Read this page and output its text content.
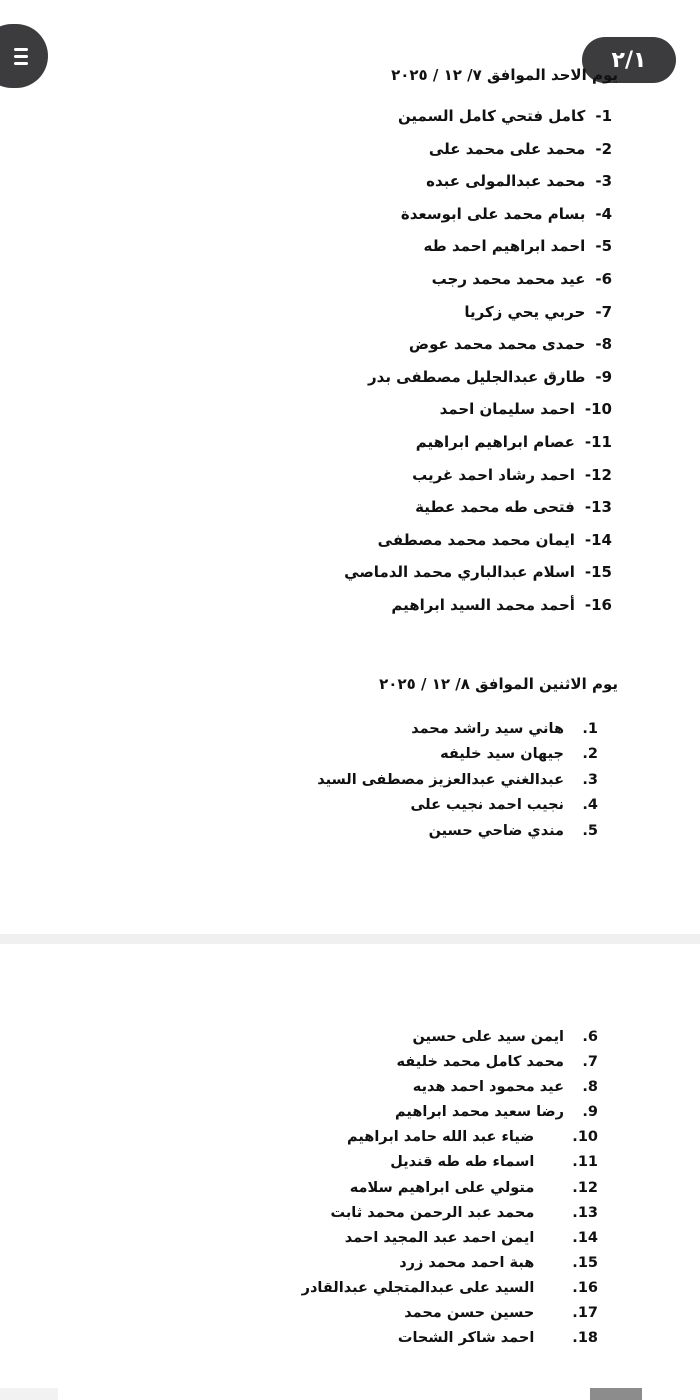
٢/١
يوم الاحد الموافق ٧/ ١٢ / ٢٠٢٥
1-كامل فتحي كامل السمين
2-محمد على محمد على
3-محمد عبدالمولى عبده
4-بسام محمد على ابوسعدة
5-احمد ابراهيم احمد طه
6-عيد محمد محمد رجب
7-حربي يحي زكريا
8-حمدى محمد محمد عوض
9-طارق عبدالجليل مصطفى بدر
10-احمد سليمان احمد
11-عصام ابراهيم ابراهيم
12-احمد رشاد احمد غريب
13-فتحى طه محمد عطية
14-ايمان محمد محمد مصطفى
15-اسلام عبدالباري محمد الدماصي
16-أحمد محمد السيد ابراهيم
يوم الاثنين الموافق ٨/ ١٢ / ٢٠٢٥
1.هاني سيد راشد محمد
2.جيهان سيد خليفه
3.عبدالغني عبدالعزيز مصطفى السيد
4.نجيب احمد نجيب على
5.مندي ضاحي حسين
6.ايمن سيد على حسين
7.محمد كامل محمد خليفه
8.عيد محمود احمد هديه
9.رضا سعيد محمد ابراهيم
10.ضياء عبد الله حامد ابراهيم
11.اسماء طه طه قنديل
12.متولي على ابراهيم سلامه
13.محمد عبد الرحمن محمد ثابت
14.ايمن احمد عبد المجيد احمد
15.هبة احمد محمد زرد
16.السيد على عبدالمتجلي عبدالقادر
17.حسين حسن محمد
18.احمد شاكر الشحات
